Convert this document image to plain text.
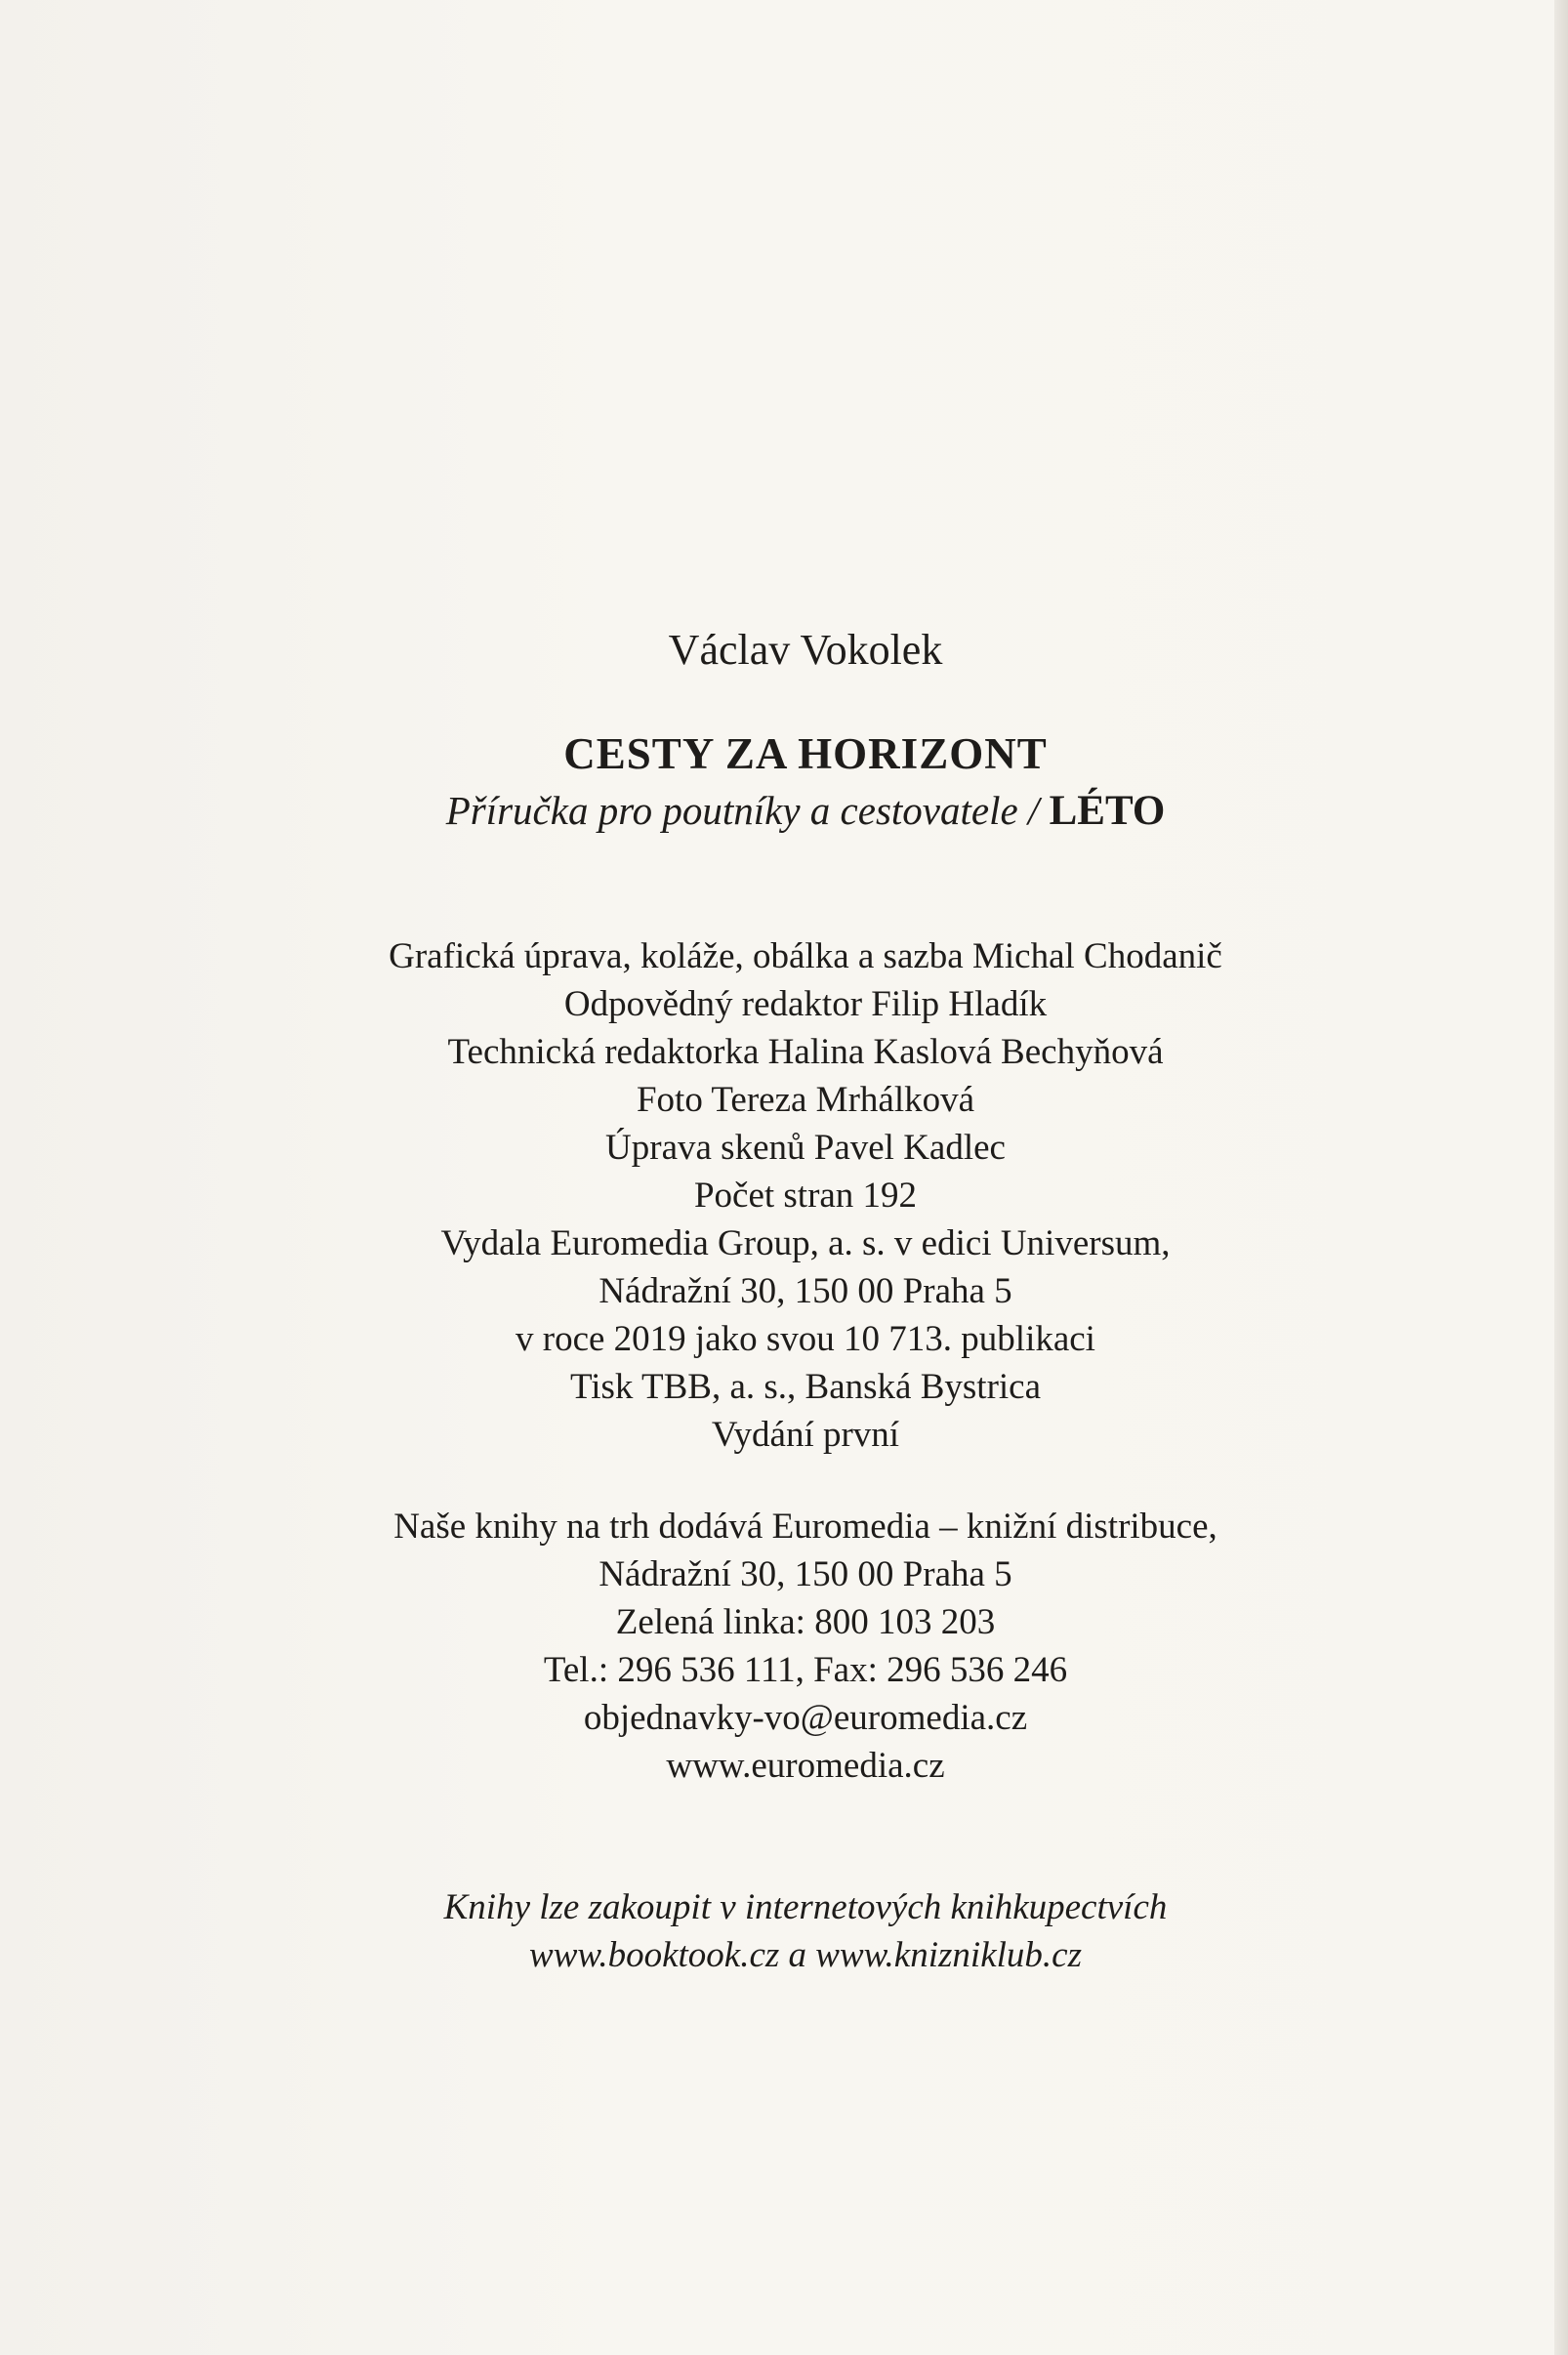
Václav Vokolek
CESTY ZA HORIZONT
Příručka pro poutníky a cestovatele / LÉTO
Grafická úprava, koláže, obálka a sazba Michal Chodanič
Odpovědný redaktor Filip Hladík
Technická redaktorka Halina Kaslová Bechyňová
Foto Tereza Mrhálková
Úprava skenů Pavel Kadlec
Počet stran 192
Vydala Euromedia Group, a. s. v edici Universum,
Nádražní 30, 150 00 Praha 5
v roce 2019 jako svou 10 713. publikaci
Tisk TBB, a. s., Banská Bystrica
Vydání první
Naše knihy na trh dodává Euromedia – knižní distribuce,
Nádražní 30, 150 00 Praha 5
Zelená linka: 800 103 203
Tel.: 296 536 111, Fax: 296 536 246
objednavky-vo@euromedia.cz
www.euromedia.cz
Knihy lze zakoupit v internetových knihkupectvích
www.booktook.cz a www.knizniklub.cz
